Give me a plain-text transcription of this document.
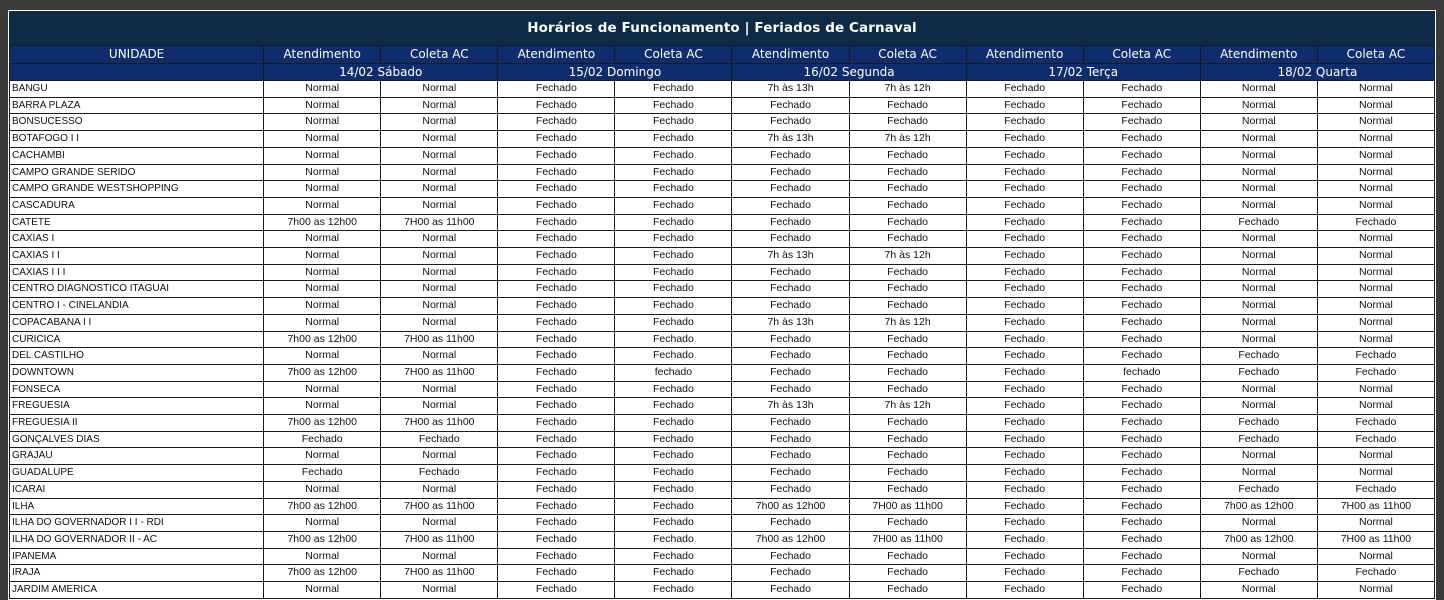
Horários de Funcionamento | Feriados de Carnaval
UNIDADE	Atendimento	Coleta AC	Atendimento	Coleta AC	Atendimento	Coleta AC	Atendimento	Coleta AC	Atendimento	Coleta AC
	14/02 Sábado		15/02 Domingo		16/02 Segunda		17/02 Terça		18/02 Quarta	
BANGU	Normal	Normal	Fechado	Fechado	7h às 13h	7h às 12h	Fechado	Fechado	Normal	Normal
BARRA PLAZA	Normal	Normal	Fechado	Fechado	Fechado	Fechado	Fechado	Fechado	Normal	Normal
BONSUCESSO	Normal	Normal	Fechado	Fechado	Fechado	Fechado	Fechado	Fechado	Normal	Normal
BOTAFOGO I I	Normal	Normal	Fechado	Fechado	7h às 13h	7h às 12h	Fechado	Fechado	Normal	Normal
CACHAMBI	Normal	Normal	Fechado	Fechado	Fechado	Fechado	Fechado	Fechado	Normal	Normal
CAMPO GRANDE SERIDO	Normal	Normal	Fechado	Fechado	Fechado	Fechado	Fechado	Fechado	Normal	Normal
CAMPO GRANDE WESTSHOPPING	Normal	Normal	Fechado	Fechado	Fechado	Fechado	Fechado	Fechado	Normal	Normal
CASCADURA	Normal	Normal	Fechado	Fechado	Fechado	Fechado	Fechado	Fechado	Normal	Normal
CATETE	7h00 as 12h00	7H00 as 11h00	Fechado	Fechado	Fechado	Fechado	Fechado	Fechado	Fechado	Fechado
CAXIAS I	Normal	Normal	Fechado	Fechado	Fechado	Fechado	Fechado	Fechado	Normal	Normal
CAXIAS I I	Normal	Normal	Fechado	Fechado	7h às 13h	7h às 12h	Fechado	Fechado	Normal	Normal
CAXIAS I I I	Normal	Normal	Fechado	Fechado	Fechado	Fechado	Fechado	Fechado	Normal	Normal
CENTRO DIAGNOSTICO ITAGUAI	Normal	Normal	Fechado	Fechado	Fechado	Fechado	Fechado	Fechado	Normal	Normal
CENTRO I - CINELANDIA	Normal	Normal	Fechado	Fechado	Fechado	Fechado	Fechado	Fechado	Normal	Normal
COPACABANA I I	Normal	Normal	Fechado	Fechado	7h às 13h	7h às 12h	Fechado	Fechado	Normal	Normal
CURICICA	7h00 as 12h00	7H00 as 11h00	Fechado	Fechado	Fechado	Fechado	Fechado	Fechado	Normal	Normal
DEL CASTILHO	Normal	Normal	Fechado	Fechado	Fechado	Fechado	Fechado	Fechado	Fechado	Fechado
DOWNTOWN	7h00 as 12h00	7H00 as 11h00	Fechado	fechado	Fechado	Fechado	Fechado	fechado	Fechado	Fechado
FONSECA	Normal	Normal	Fechado	Fechado	Fechado	Fechado	Fechado	Fechado	Normal	Normal
FREGUESIA	Normal	Normal	Fechado	Fechado	7h às 13h	7h às 12h	Fechado	Fechado	Normal	Normal
FREGUESIA II	7h00 as 12h00	7H00 as 11h00	Fechado	Fechado	Fechado	Fechado	Fechado	Fechado	Fechado	Fechado
GONÇALVES DIAS	Fechado	Fechado	Fechado	Fechado	Fechado	Fechado	Fechado	Fechado	Fechado	Fechado
GRAJAU	Normal	Normal	Fechado	Fechado	Fechado	Fechado	Fechado	Fechado	Normal	Normal
GUADALUPE	Fechado	Fechado	Fechado	Fechado	Fechado	Fechado	Fechado	Fechado	Normal	Normal
ICARAI	Normal	Normal	Fechado	Fechado	Fechado	Fechado	Fechado	Fechado	Fechado	Fechado
ILHA	7h00 as 12h00	7H00 as 11h00	Fechado	Fechado	7h00 as 12h00	7H00 as 11h00	Fechado	Fechado	7h00 as 12h00	7H00 as 11h00
ILHA DO GOVERNADOR I I - RDI	Normal	Normal	Fechado	Fechado	Fechado	Fechado	Fechado	Fechado	Normal	Normal
ILHA DO GOVERNADOR II - AC	7h00 as 12h00	7H00 as 11h00	Fechado	Fechado	7h00 as 12h00	7H00 as 11h00	Fechado	Fechado	7h00 as 12h00	7H00 as 11h00
IPANEMA	Normal	Normal	Fechado	Fechado	Fechado	Fechado	Fechado	Fechado	Normal	Normal
IRAJA	7h00 as 12h00	7H00 as 11h00	Fechado	Fechado	Fechado	Fechado	Fechado	Fechado	Fechado	Fechado
JARDIM AMERICA	Normal	Normal	Fechado	Fechado	Fechado	Fechado	Fechado	Fechado	Normal	Normal
